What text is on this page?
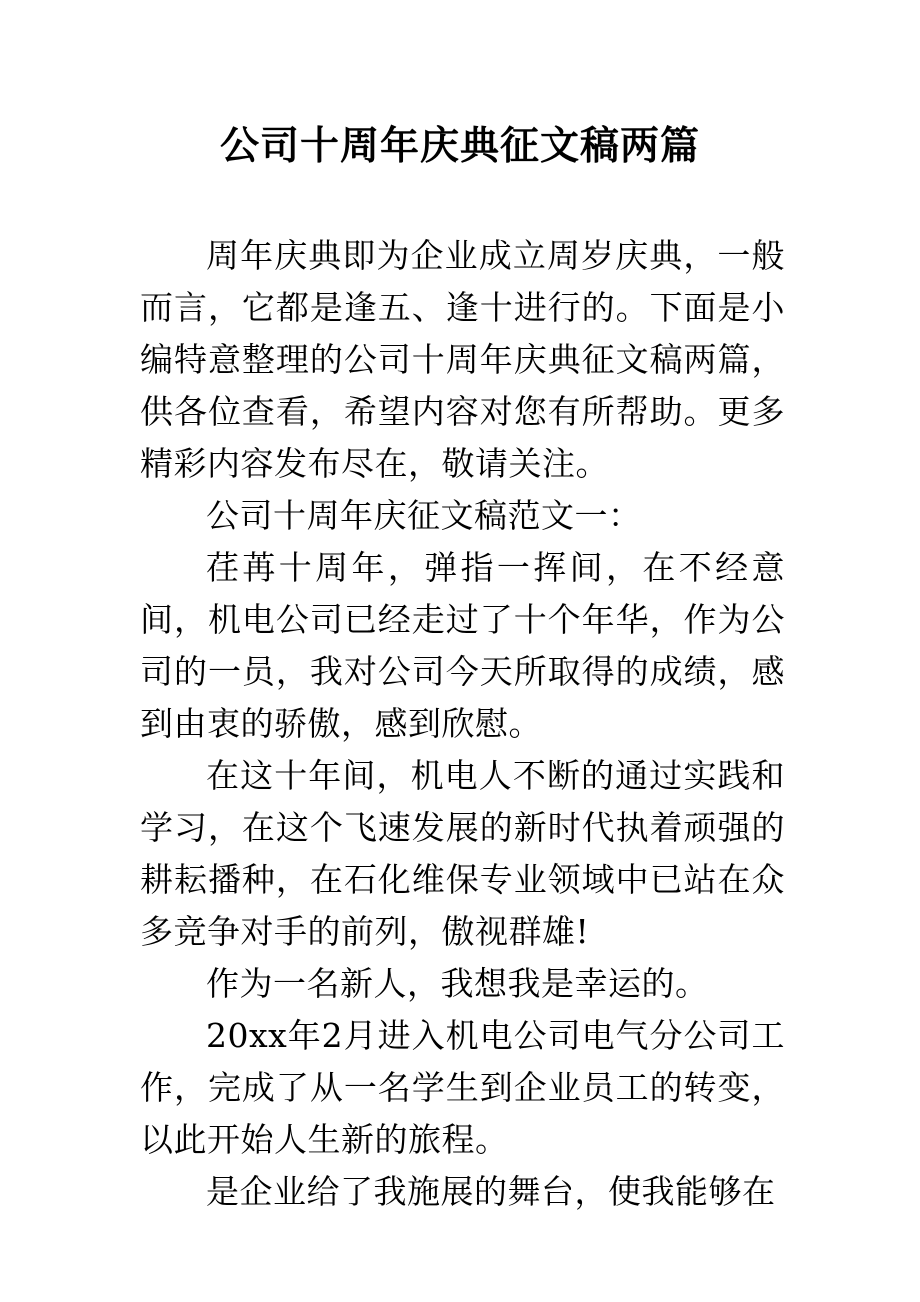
公司十周年庆典征文稿两篇

周年庆典即为企业成立周岁庆典，一般而言，它都是逢五、逢十进行的。下面是小编特意整理的公司十周年庆典征文稿两篇，供各位查看，希望内容对您有所帮助。更多精彩内容发布尽在，敬请关注。

公司十周年庆征文稿范文一：

荏苒十周年，弹指一挥间，在不经意间，机电公司已经走过了十个年华，作为公司的一员，我对公司今天所取得的成绩，感到由衷的骄傲，感到欣慰。

在这十年间，机电人不断的通过实践和学习，在这个飞速发展的新时代执着顽强的耕耘播种，在石化维保专业领域中已站在众多竞争对手的前列，傲视群雄!

作为一名新人，我想我是幸运的。

20xx年2月进入机电公司电气分公司工作，完成了从一名学生到企业员工的转变，以此开始人生新的旅程。

是企业给了我施展的舞台，使我能够在
